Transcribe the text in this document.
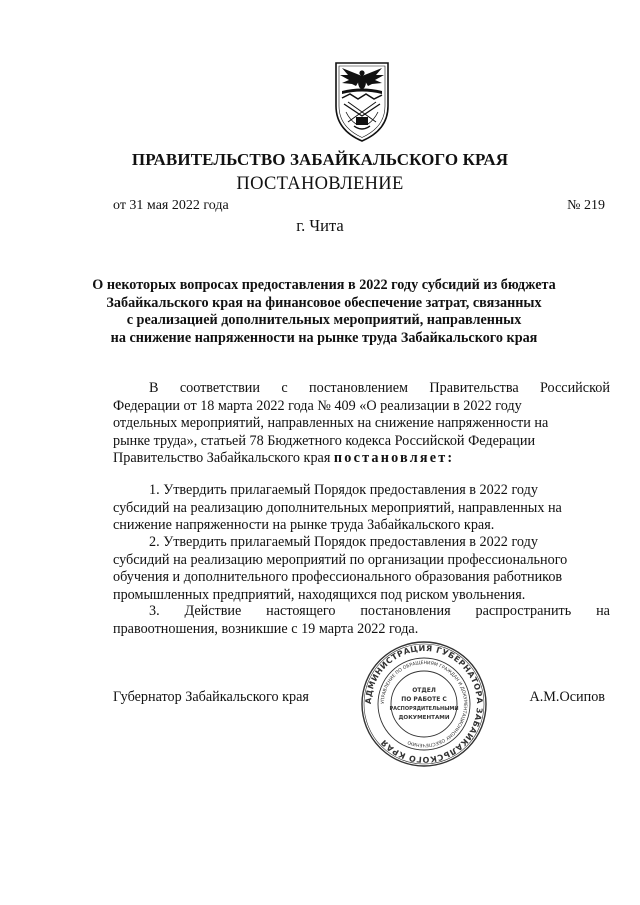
ПРАВИТЕЛЬСТВО ЗАБАЙКАЛЬСКОГО КРАЯ
ПОСТАНОВЛЕНИЕ
от 31 мая 2022 года	№ 219
г. Чита
О некоторых вопросах предоставления в 2022 году субсидий из бюджета
Забайкальского края на финансовое обеспечение затрат, связанных
с реализацией дополнительных мероприятий, направленных
на снижение напряженности на рынке труда Забайкальского края
В соответствии с постановлением Правительства Российской
Федерации от 18 марта 2022 года № 409 «О реализации в 2022 году
отдельных мероприятий, направленных на снижение напряженности на
рынке труда», статьей 78 Бюджетного кодекса Российской Федерации
Правительство Забайкальского края постановляет:
1. Утвердить прилагаемый Порядок предоставления в 2022 году
субсидий на реализацию дополнительных мероприятий, направленных на
снижение напряженности на рынке труда Забайкальского края.
2. Утвердить прилагаемый Порядок предоставления в 2022 году
субсидий на реализацию мероприятий по организации профессионального
обучения и дополнительного профессионального образования работников
промышленных предприятий, находящихся под риском увольнения.
3. Действие настоящего постановления распространить на
правоотношения, возникшие с 19 марта 2022 года.
Губернатор Забайкальского края	А.М.Осипов
АДМИНИСТРАЦИЯ ГУБЕРНАТОРА ЗАБАЙКАЛЬСКОГО КРАЯ
УПРАВЛЕНИЕ ПО ОБРАЩЕНИЯМ ГРАЖДАН И ДОКУМЕНТАЦИОННОМУ ОБЕСПЕЧЕНИЮ
ОТДЕЛ
ПО РАБОТЕ С
РАСПОРЯДИТЕЛЬНЫМИ
ДОКУМЕНТАМИ
